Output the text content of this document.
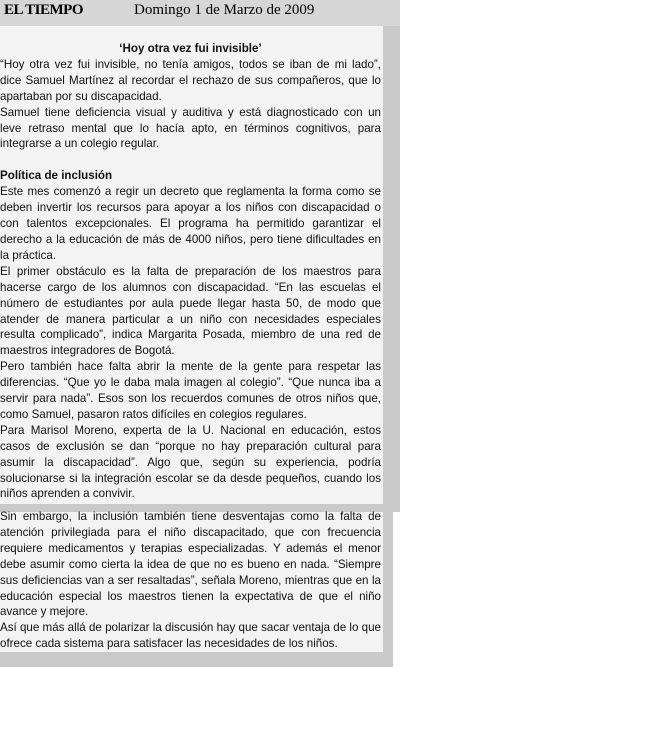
EL TIEMPO	Domingo 1 de Marzo de 2009

‘Hoy otra vez fui invisible’

“Hoy otra vez fui invisible, no tenía amigos, todos se iban de mi lado”, dice Samuel Martínez al recordar el rechazo de sus compañeros, que lo apartaban por su discapacidad.

Samuel tiene deficiencia visual y auditiva y está diagnosticado con un leve retraso mental que lo hacía apto, en términos cognitivos, para integrarse a un colegio regular.

Política de inclusión

Este mes comenzó a regir un decreto que reglamenta la forma como se deben invertir los recursos para apoyar a los niños con discapacidad o con talentos excepcionales. El programa ha permitido garantizar el derecho a la educación de más de 4000 niños, pero tiene dificultades en la práctica.

El primer obstáculo es la falta de preparación de los maestros para hacerse cargo de los alumnos con discapacidad. “En las escuelas el número de estudiantes por aula puede llegar hasta 50, de modo que atender de manera particular a un niño con necesidades especiales resulta complicado”, indica Margarita Posada, miembro de una red de maestros integradores de Bogotá.

Pero también hace falta abrir la mente de la gente para respetar las diferencias. “Que yo le daba mala imagen al colegio”. “Que nunca iba a servir para nada”. Esos son los recuerdos comunes de otros niños que, como Samuel, pasaron ratos difíciles en colegios regulares.

Para Marisol Moreno, experta de la U. Nacional en educación, estos casos de exclusión se dan “porque no hay preparación cultural para asumir la discapacidad”. Algo que, según su experiencia, podría solucionarse si la integración escolar se da desde pequeños, cuando los niños aprenden a convivir.

Sin embargo, la inclusión también tiene desventajas como la falta de atención privilegiada para el niño discapacitado, que con frecuencia requiere medicamentos y terapias especializadas. Y además el menor debe asumir como cierta la idea de que no es bueno en nada. “Siempre sus deficiencias van a ser resaltadas”, señala Moreno, mientras que en la educación especial los maestros tienen la expectativa de que el niño avance y mejore.

Así que más allá de polarizar la discusión hay que sacar ventaja de lo que ofrece cada sistema para satisfacer las necesidades de los niños.
